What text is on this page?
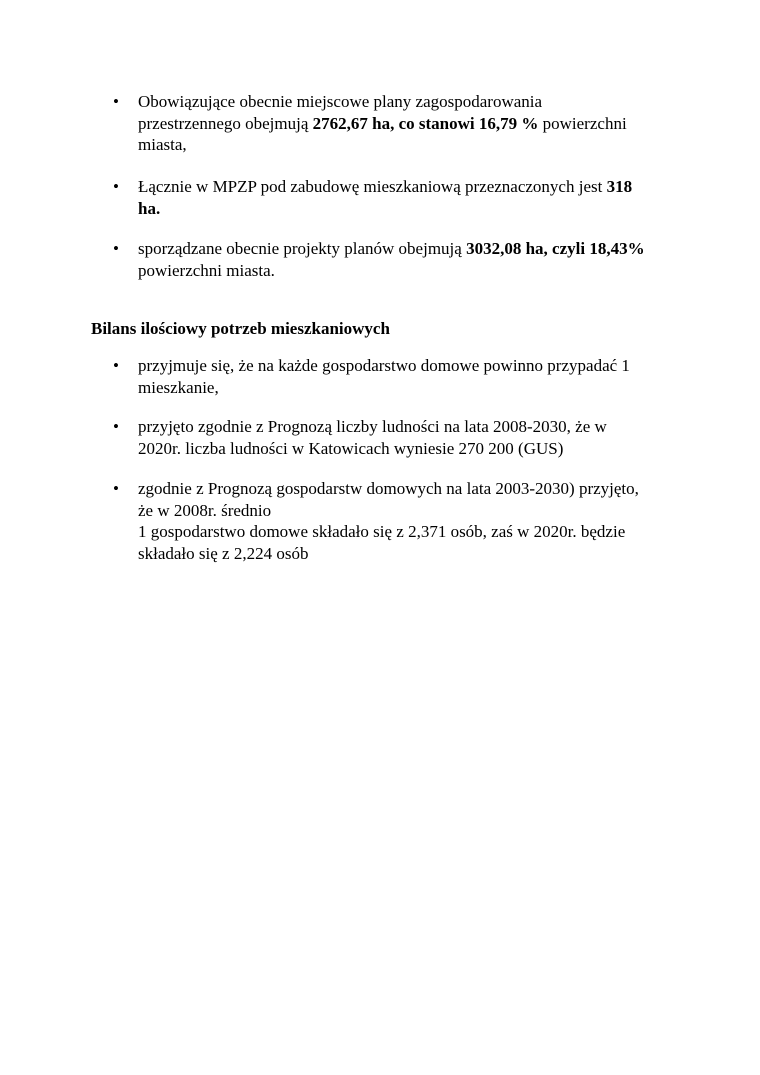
•	Obowiązujące obecnie miejscowe plany zagospodarowania
przestrzennego obejmują 2762,67 ha, co stanowi 16,79 % powierzchni
miasta,
•	Łącznie w MPZP pod zabudowę mieszkaniową przeznaczonych jest 318
ha.
•	sporządzane obecnie projekty planów obejmują 3032,08 ha, czyli 18,43%
powierzchni miasta.
Bilans ilościowy potrzeb mieszkaniowych
•	przyjmuje się, że na każde gospodarstwo domowe powinno przypadać 1
mieszkanie,
•	przyjęto zgodnie z Prognozą liczby ludności na lata 2008-2030, że w
2020r. liczba ludności w Katowicach wyniesie 270 200 (GUS)
•	zgodnie z Prognozą gospodarstw domowych na lata 2003-2030) przyjęto,
że w 2008r. średnio
1 gospodarstwo domowe składało się z 2,371 osób, zaś w 2020r. będzie
składało się z 2,224 osób
